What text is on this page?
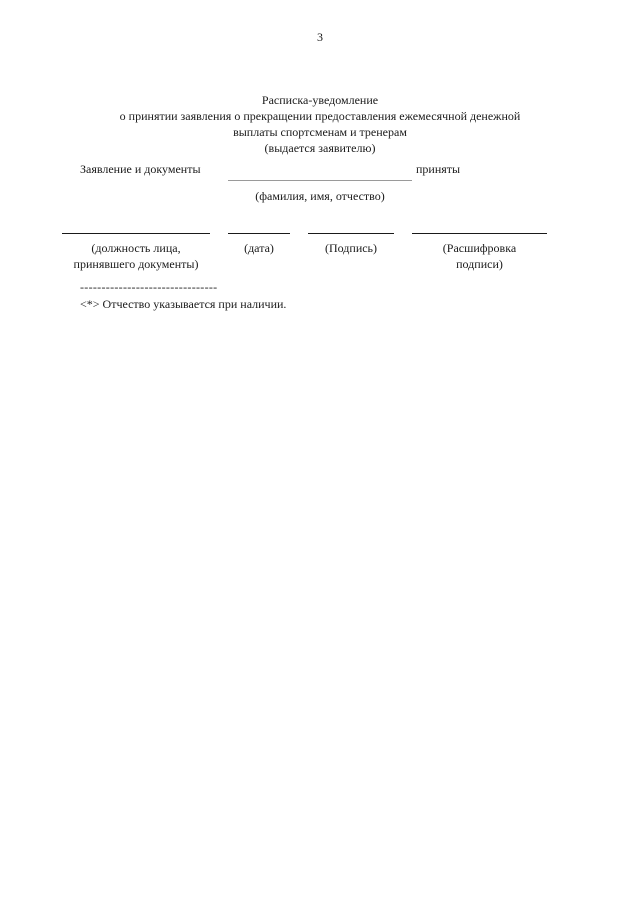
3
Расписка-уведомление
о принятии заявления о прекращении предоставления ежемесячной денежной
выплаты спортсменам и тренерам
(выдается заявителю)
Заявление и документы	приняты
(фамилия, имя, отчество)
(должность лица,
принявшего документы)
(дата)	(Подпись)	(Расшифровка
подписи)
--------------------------------
<*> Отчество указывается при наличии.
